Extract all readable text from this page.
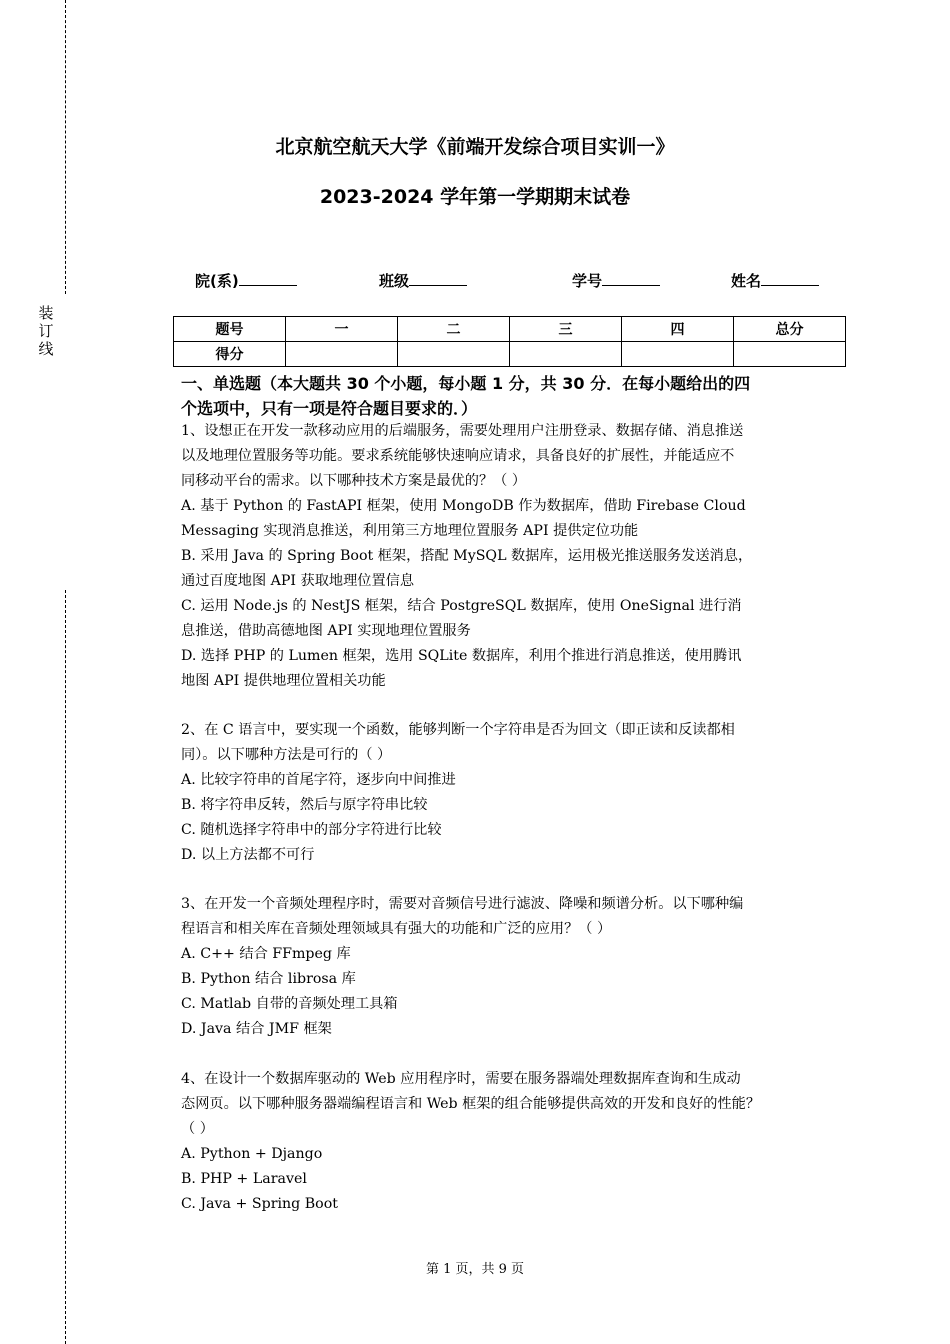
装
订
线
北京航空航天大学《前端开发综合项目实训一》
2023-2024 学年第一学期期末试卷
院(系)	班级	学号	姓名
题号	一	二	三	四	总分
得分					
一、单选题（本大题共 30 个小题，每小题 1 分，共 30 分．在每小题给出的四
个选项中，只有一项是符合题目要求的．）
1、设想正在开发一款移动应用的后端服务，需要处理用户注册登录、数据存储、消息推送
以及地理位置服务等功能。要求系统能够快速响应请求，具备良好的扩展性，并能适应不
同移动平台的需求。以下哪种技术方案是最优的？（ ）
A. 基于 Python 的 FastAPI 框架，使用 MongoDB 作为数据库，借助 Firebase Cloud
Messaging 实现消息推送，利用第三方地理位置服务 API 提供定位功能
B. 采用 Java 的 Spring Boot 框架，搭配 MySQL 数据库，运用极光推送服务发送消息，
通过百度地图 API 获取地理位置信息
C. 运用 Node.js 的 NestJS 框架，结合 PostgreSQL 数据库，使用 OneSignal 进行消
息推送，借助高德地图 API 实现地理位置服务
D. 选择 PHP 的 Lumen 框架，选用 SQLite 数据库，利用个推进行消息推送，使用腾讯
地图 API 提供地理位置相关功能
2、在 C 语言中，要实现一个函数，能够判断一个字符串是否为回文（即正读和反读都相
同）。以下哪种方法是可行的（ ）
A. 比较字符串的首尾字符，逐步向中间推进
B. 将字符串反转，然后与原字符串比较
C. 随机选择字符串中的部分字符进行比较
D. 以上方法都不可行
3、在开发一个音频处理程序时，需要对音频信号进行滤波、降噪和频谱分析。以下哪种编
程语言和相关库在音频处理领域具有强大的功能和广泛的应用？（ ）
A. C++ 结合 FFmpeg 库
B. Python 结合 librosa 库
C. Matlab 自带的音频处理工具箱
D. Java 结合 JMF 框架
4、在设计一个数据库驱动的 Web 应用程序时，需要在服务器端处理数据库查询和生成动
态网页。以下哪种服务器端编程语言和 Web 框架的组合能够提供高效的开发和良好的性能？
（ ）
A. Python + Django
B. PHP + Laravel
C. Java + Spring Boot
第 1 页，共 9 页
